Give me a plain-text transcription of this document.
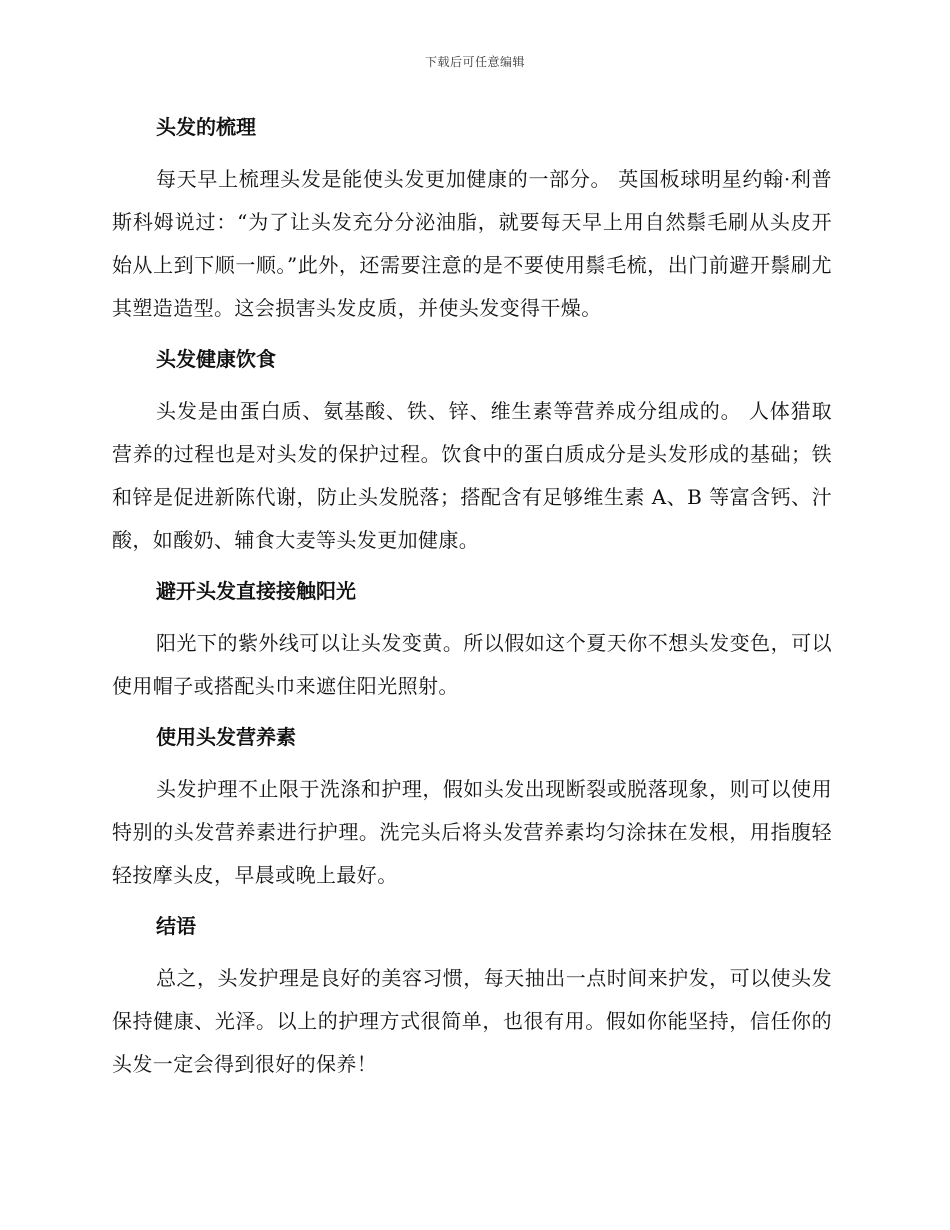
下载后可任意编辑
头发的梳理

每天早上梳理头发是能使头发更加健康的一部分。 英国板球明星约翰·利普斯科姆说过：“为了让头发充分分泌油脂，就要每天早上用自然鬃毛刷从头皮开始从上到下顺一顺。”此外，还需要注意的是不要使用鬃毛梳，出门前避开鬃刷尤其塑造造型。这会损害头发皮质，并使头发变得干燥。

头发健康饮食

头发是由蛋白质、氨基酸、铁、锌、维生素等营养成分组成的。 人体猎取营养的过程也是对头发的保护过程。饮食中的蛋白质成分是头发形成的基础；铁和锌是促进新陈代谢，防止头发脱落；搭配含有足够维生素 A、B 等富含钙、汁酸，如酸奶、辅食大麦等头发更加健康。

避开头发直接接触阳光

阳光下的紫外线可以让头发变黄。所以假如这个夏天你不想头发变色，可以使用帽子或搭配头巾来遮住阳光照射。

使用头发营养素

头发护理不止限于洗涤和护理，假如头发出现断裂或脱落现象，则可以使用特别的头发营养素进行护理。洗完头后将头发营养素均匀涂抹在发根，用指腹轻轻按摩头皮，早晨或晚上最好。

结语

总之，头发护理是良好的美容习惯，每天抽出一点时间来护发，可以使头发保持健康、光泽。以上的护理方式很简单，也很有用。假如你能坚持，信任你的头发一定会得到很好的保养！
